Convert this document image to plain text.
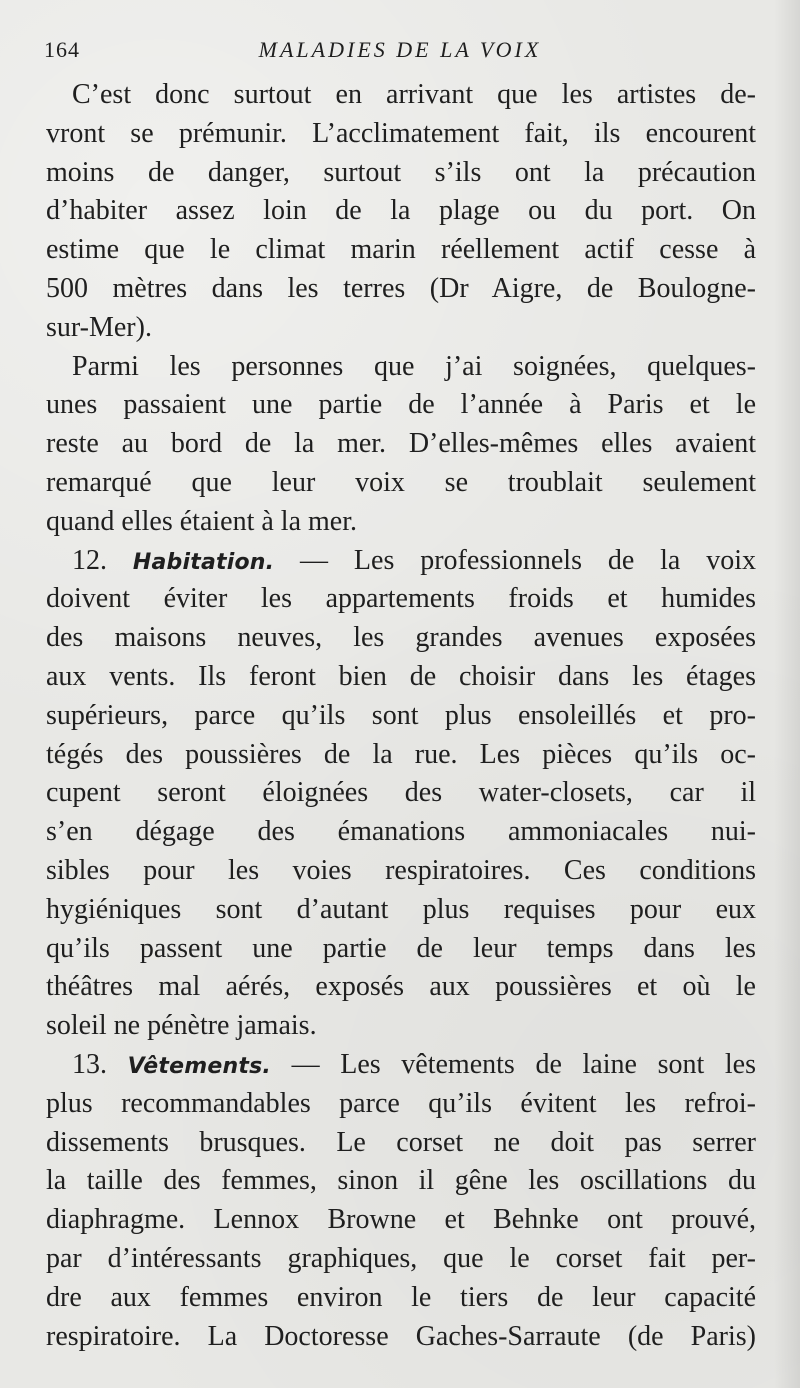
164	MALADIES DE LA VOIX
C’est donc surtout en arrivant que les artistes de-
vront se prémunir. L’acclimatement fait, ils encourent
moins de danger, surtout s’ils ont la précaution
d’habiter assez loin de la plage ou du port. On
estime que le climat marin réellement actif cesse à
500 mètres dans les terres (Dr Aigre, de Boulogne-
sur-Mer).
Parmi les personnes que j’ai soignées, quelques-
unes passaient une partie de l’année à Paris et le
reste au bord de la mer. D’elles-mêmes elles avaient
remarqué que leur voix se troublait seulement
quand elles étaient à la mer.
12. Habitation. — Les professionnels de la voix
doivent éviter les appartements froids et humides
des maisons neuves, les grandes avenues exposées
aux vents. Ils feront bien de choisir dans les étages
supérieurs, parce qu’ils sont plus ensoleillés et pro-
tégés des poussières de la rue. Les pièces qu’ils oc-
cupent seront éloignées des water-closets, car il
s’en dégage des émanations ammoniacales nui-
sibles pour les voies respiratoires. Ces conditions
hygiéniques sont d’autant plus requises pour eux
qu’ils passent une partie de leur temps dans les
théâtres mal aérés, exposés aux poussières et où le
soleil ne pénètre jamais.
13. Vêtements. — Les vêtements de laine sont les
plus recommandables parce qu’ils évitent les refroi-
dissements brusques. Le corset ne doit pas serrer
la taille des femmes, sinon il gêne les oscillations du
diaphragme. Lennox Browne et Behnke ont prouvé,
par d’intéressants graphiques, que le corset fait per-
dre aux femmes environ le tiers de leur capacité
respiratoire. La Doctoresse Gaches-Sarraute (de Paris)
